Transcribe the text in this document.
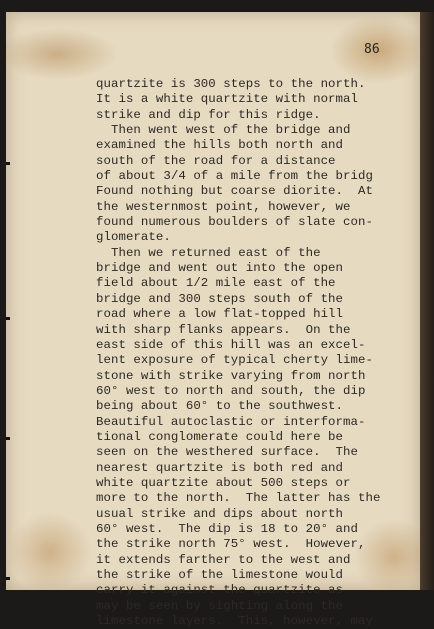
86
quartzite is 300 steps to the north.
It is a white quartzite with normal
strike and dip for this ridge.
Then went west of the bridge and
examined the hills both north and
south of the road for a distance
of about 3/4 of a mile from the bridg
Found nothing but coarse diorite.  At
the westernmost point, however, we
found numerous boulders of slate con-
glomerate.
Then we returned east of the
bridge and went out into the open
field about 1/2 mile east of the
bridge and 300 steps south of the
road where a low flat-topped hill
with sharp flanks appears.  On the
east side of this hill was an excel-
lent exposure of typical cherty lime-
stone with strike varying from north
60° west to north and south, the dip
being about 60° to the southwest.
Beautiful autoclastic or interforma-
tional conglomerate could here be
seen on the westhered surface.  The
nearest quartzite is both red and
white quartzite about 500 steps or
more to the north.  The latter has the
usual strike and dips about north
60° west.  The dip is 18 to 20° and
the strike north 75° west.  However,
it extends farther to the west and
the strike of the limestone would
carry it against the quartzite as
may be seen by sighting along the
limestone layers.  This, however, may
